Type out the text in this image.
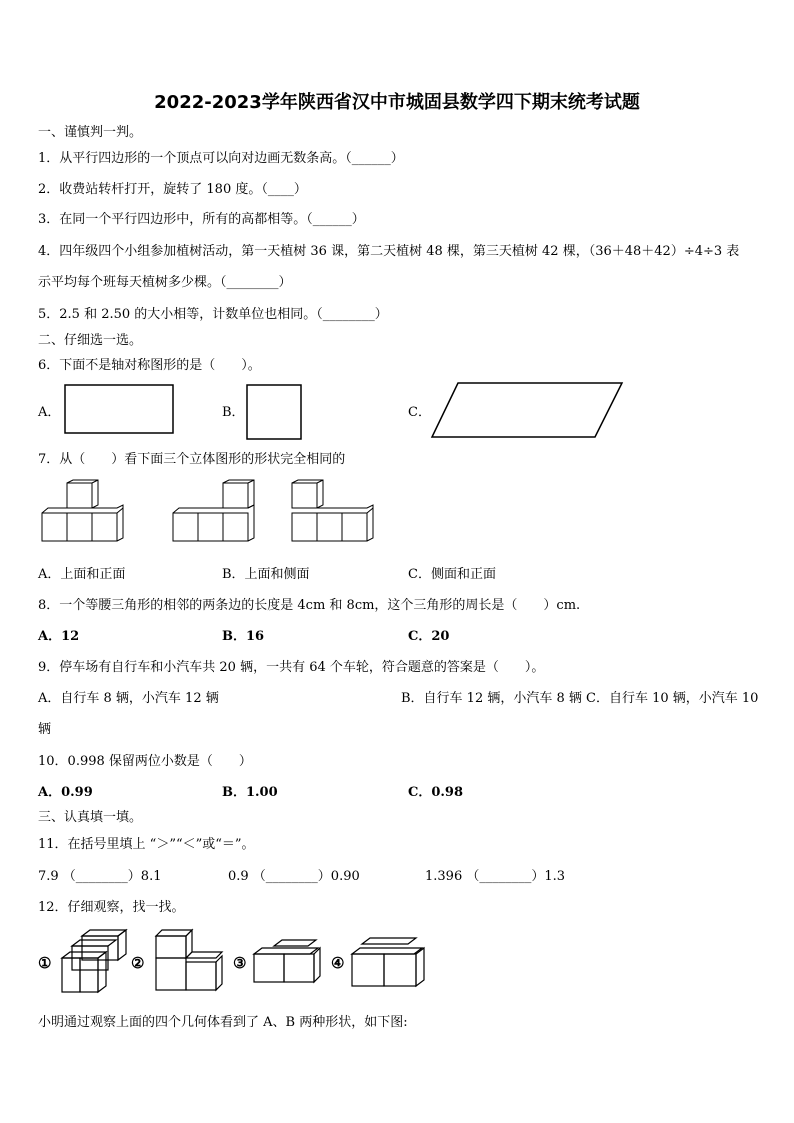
2022-2023学年陕西省汉中市城固县数学四下期末统考试题
一、谨慎判一判。
1．从平行四边形的一个顶点可以向对边画无数条高。（______）
2．收费站转杆打开，旋转了 180 度。（____）
3．在同一个平行四边形中，所有的高都相等。（______）
4．四年级四个小组参加植树活动，第一天植树 36 课，第二天植树 48 棵，第三天植树 42 棵，（36＋48＋42）÷4÷3 表
示平均每个班每天植树多少棵。（________）
5．2.5 和 2.50 的大小相等，计数单位也相同。（________）
二、仔细选一选。
6．下面不是轴对称图形的是（　　）。
A．	B．	C．
7．从（　　）看下面三个立体图形的形状完全相同的
A．上面和正面	B．上面和侧面	C．侧面和正面
8．一个等腰三角形的相邻的两条边的长度是 4cm 和 8cm，这个三角形的周长是（　　）cm.
A．12	B．16	C．20
9．停车场有自行车和小汽车共 20 辆，一共有 64 个车轮，符合题意的答案是（　　）。
A．自行车 8 辆，小汽车 12 辆	B．自行车 12 辆，小汽车 8 辆 C．自行车 10 辆，小汽车 10
辆
10．0.998 保留两位小数是（　　）
A．0.99	B．1.00	C．0.98
三、认真填一填。
11．在括号里填上 “＞”“＜”或“＝”。
7.9 （________）8.1	0.9 （________）0.90	1.396 （________）1.3
12．仔细观察，找一找。
①	②	③	④
小明通过观察上面的四个几何体看到了 A、B 两种形状，如下图:
